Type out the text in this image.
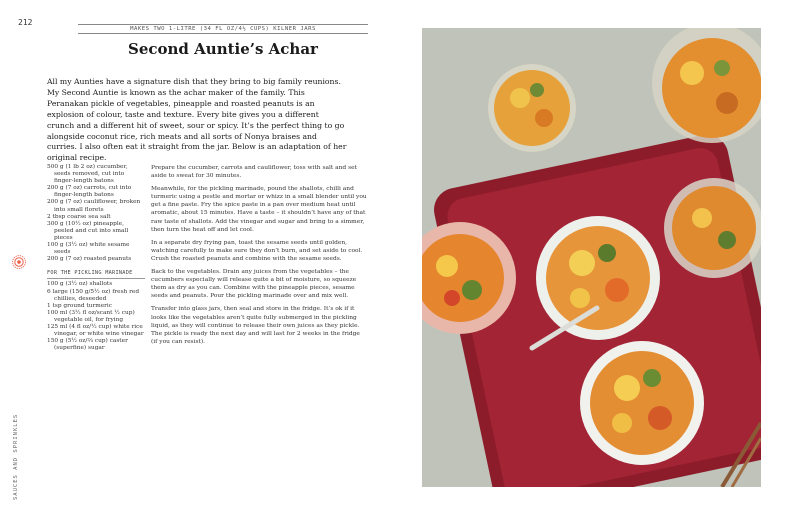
212
MAKES TWO 1-LITRE (34 FL OZ/4½ CUPS) KILNER JARS
Second Auntie’s Achar
All my Aunties have a signature dish that they bring to big family reunions. My Second Auntie is known as the achar maker of the family. This Peranakan pickle of vegetables, pineapple and roasted peanuts is an explosion of colour, taste and texture. Every bite gives you a different crunch and a different hit of sweet, sour or spicy. It’s the perfect thing to go alongside coconut rice, rich meats and all sorts of Nonya braises and curries. I also often eat it straight from the jar. Below is an adaptation of her original recipe.
500 g (1 lb 2 oz) cucumber, seeds removed, cut into finger-length batons
200 g (7 oz) carrots, cut into finger-length batons
200 g (7 oz) cauliflower, broken into small florets
2 tbsp coarse sea salt
300 g (10½ oz) pineapple, peeled and cut into small pieces
100 g (3½ oz) white sesame seeds
200 g (7 oz) roasted peanuts
FOR THE PICKLING MARINADE
100 g (3½ oz) shallots
6 large (150 g/5½ oz) fresh red chillies, deseeded
1 tsp ground turmeric
100 ml (3½ fl oz/scant ½ cup) vegetable oil, for frying
125 ml (4 fl oz/½ cup) white rice vinegar, or white wine vinegar
150 g (5½ oz/⅔ cup) caster (superfine) sugar

Prepare the cucumber, carrots and cauliflower, toss with salt and set aside to sweat for 30 minutes.

Meanwhile, for the pickling marinade, pound the shallots, chilli and turmeric using a pestle and mortar or whizz in a small blender until you get a fine paste. Fry the spice paste in a pan over medium heat until aromatic, about 15 minutes. Have a taste – it shouldn’t have any of that raw taste of shallots. Add the vinegar and sugar and bring to a simmer, then turn the heat off and let cool.

In a separate dry frying pan, toast the sesame seeds until golden, watching carefully to make sure they don’t burn, and set aside to cool. Crush the roasted peanuts and combine with the sesame seeds.

Back to the vegetables. Drain any juices from the vegetables – the cucumbers especially will release quite a bit of moisture, so squeeze them as dry as you can. Combine with the pineapple pieces, sesame seeds and peanuts. Pour the pickling marinade over and mix well.

Transfer into glass jars, then seal and store in the fridge. It’s ok if it looks like the vegetables aren’t quite fully submerged in the pickling liquid, as they will continue to release their own juices as they pickle. The pickle is ready the next day and will last for 2 weeks in the fridge (if you can resist).

SAUCES AND SPRINKLES
